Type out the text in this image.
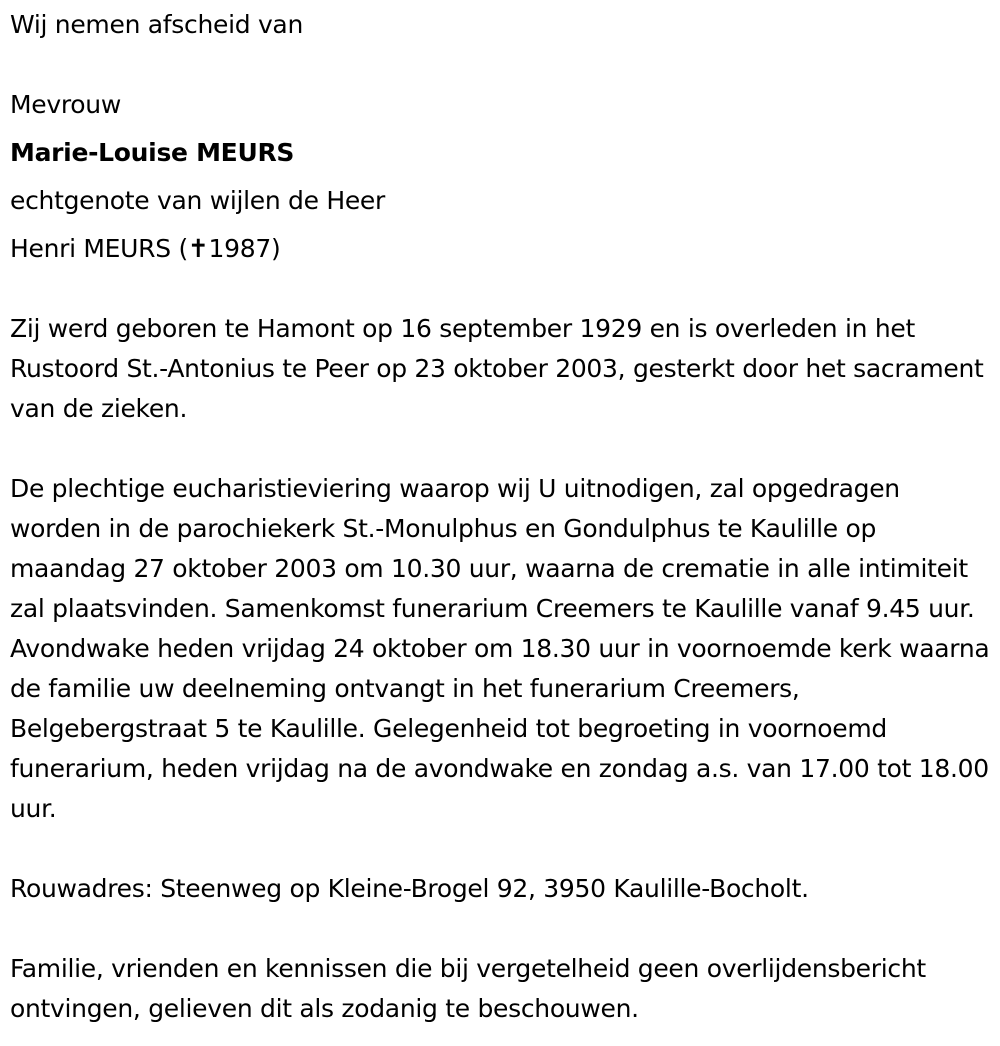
Wij nemen afscheid van
Mevrouw
Marie-Louise MEURS
echtgenote van wijlen de Heer
Henri MEURS (✝1987)
Zij werd geboren te Hamont op 16 september 1929 en is overleden in het Rustoord St.-Antonius te Peer op 23 oktober 2003, gesterkt door het sacrament van de zieken.
De plechtige eucharistieviering waarop wij U uitnodigen, zal opgedragen worden in de parochiekerk St.-Monulphus en Gondulphus te Kaulille op maandag 27 oktober 2003 om 10.30 uur, waarna de crematie in alle intimiteit zal plaatsvinden. Samenkomst funerarium Creemers te Kaulille vanaf 9.45 uur. Avondwake heden vrijdag 24 oktober om 18.30 uur in voornoemde kerk waarna de familie uw deelneming ontvangt in het funerarium Creemers, Belgebergstraat 5 te Kaulille. Gelegenheid tot begroeting in voornoemd funerarium, heden vrijdag na de avondwake en zondag a.s. van 17.00 tot 18.00 uur.
Rouwadres: Steenweg op Kleine-Brogel 92, 3950 Kaulille-Bocholt.
Familie, vrienden en kennissen die bij vergetelheid geen overlijdensbericht ontvingen, gelieven dit als zodanig te beschouwen.
